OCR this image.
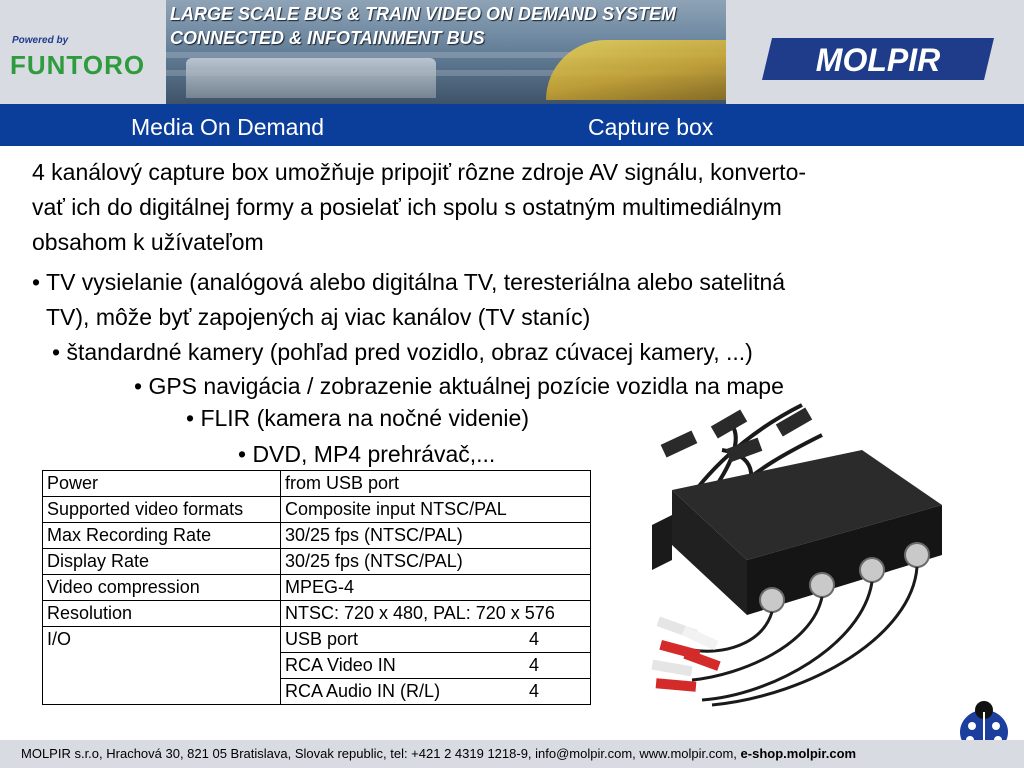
Powered by
FUNTORO
LARGE SCALE BUS & TRAIN VIDEO ON DEMAND SYSTEM
CONNECTED & INFOTAINMENT BUS
MOLPIR
Media On Demand	Capture box
4 kanálový capture box umožňuje pripojiť rôzne zdroje AV signálu, konverto-
vať ich do digitálnej formy a posielať ich spolu s ostatným multimediálnym
obsahom k užívateľom
• TV vysielanie (analógová alebo digitálna TV, teresteriálna alebo satelitná
TV), môže byť zapojených aj viac kanálov (TV staníc)
• štandardné kamery (pohľad pred vozidlo, obraz cúvacej kamery, ...)
• GPS navigácia / zobrazenie aktuálnej pozície vozidla na mape
• FLIR (kamera na nočné videnie)
• DVD, MP4 prehrávač,...
Power	from USB port
Supported video formats	Composite input NTSC/PAL
Max Recording Rate	30/25 fps (NTSC/PAL)
Display Rate	30/25 fps (NTSC/PAL)
Video compression	MPEG-4
Resolution	NTSC: 720 x 480, PAL: 720 x 576
I/O	USB port 4

	RCA Video IN 4

	RCA Audio IN (R/L) 4
MOLPIR s.r.o, Hrachová 30, 821 05 Bratislava, Slovak republic, tel: +421 2 4319 1218-9, info@molpir.com, www.molpir.com, e-shop.molpir.com
